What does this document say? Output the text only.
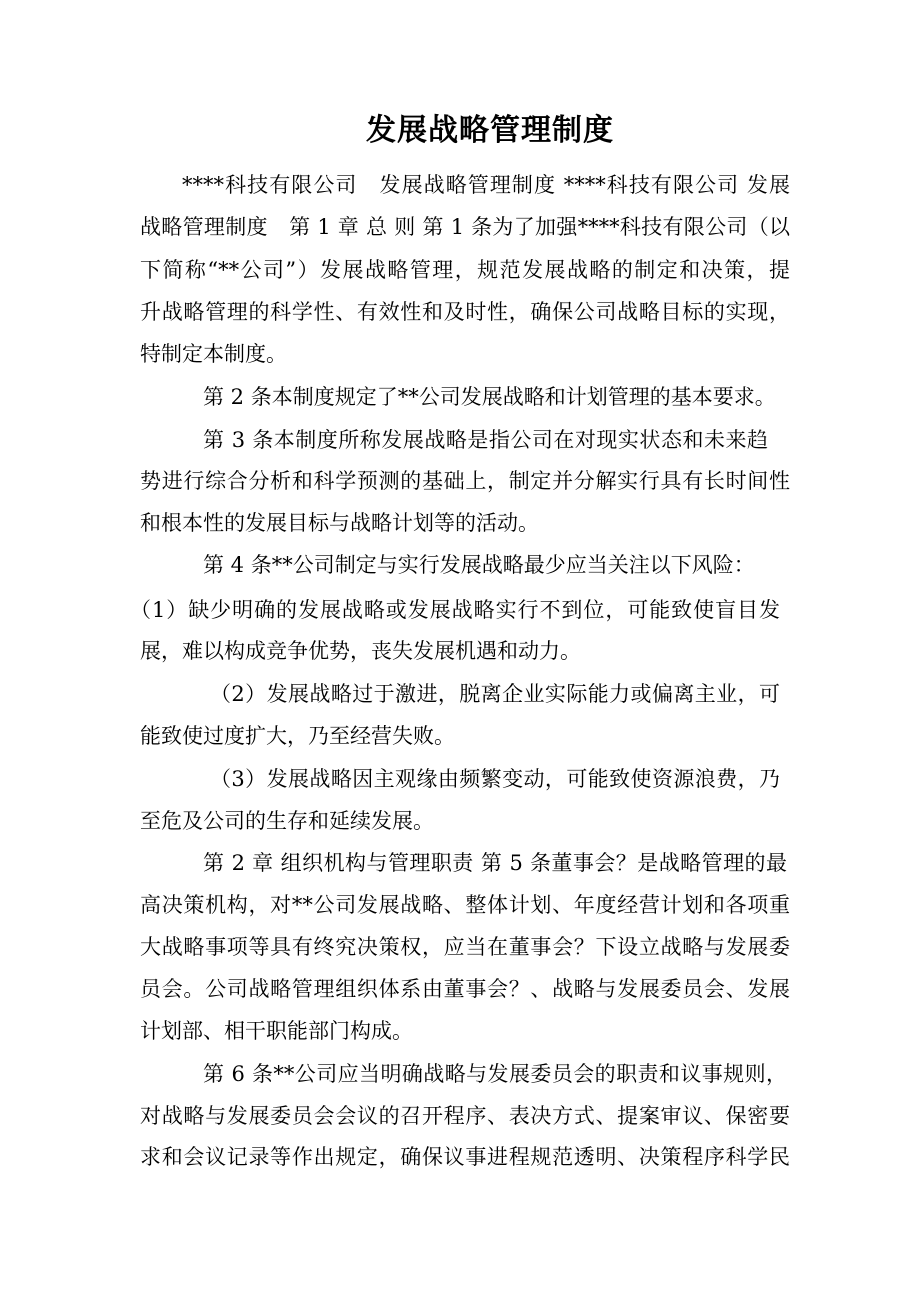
发展战略管理制度
****科技有限公司　发展战略管理制度 ****科技有限公司 发展
战略管理制度　第 1 章 总 则 第 1 条为了加强****科技有限公司（以
下简称“**公司”）发展战略管理，规范发展战略的制定和决策，提
升战略管理的科学性、有效性和及时性，确保公司战略目标的实现，
特制定本制度。
第 2 条本制度规定了**公司发展战略和计划管理的基本要求。
第 3 条本制度所称发展战略是指公司在对现实状态和未来趋
势进行综合分析和科学预测的基础上，制定并分解实行具有长时间性
和根本性的发展目标与战略计划等的活动。
第 4 条**公司制定与实行发展战略最少应当关注以下风险：
（1）缺少明确的发展战略或发展战略实行不到位，可能致使盲目发
展，难以构成竞争优势，丧失发展机遇和动力。
（2）发展战略过于激进，脱离企业实际能力或偏离主业，可
能致使过度扩大，乃至经营失败。
（3）发展战略因主观缘由频繁变动，可能致使资源浪费，乃
至危及公司的生存和延续发展。
第 2 章 组织机构与管理职责 第 5 条董事会？是战略管理的最
高决策机构，对**公司发展战略、整体计划、年度经营计划和各项重
大战略事项等具有终究决策权，应当在董事会？下设立战略与发展委
员会。公司战略管理组织体系由董事会？、战略与发展委员会、发展
计划部、相干职能部门构成。
第 6 条**公司应当明确战略与发展委员会的职责和议事规则，
对战略与发展委员会会议的召开程序、表决方式、提案审议、保密要
求和会议记录等作出规定，确保议事进程规范透明、决策程序科学民
